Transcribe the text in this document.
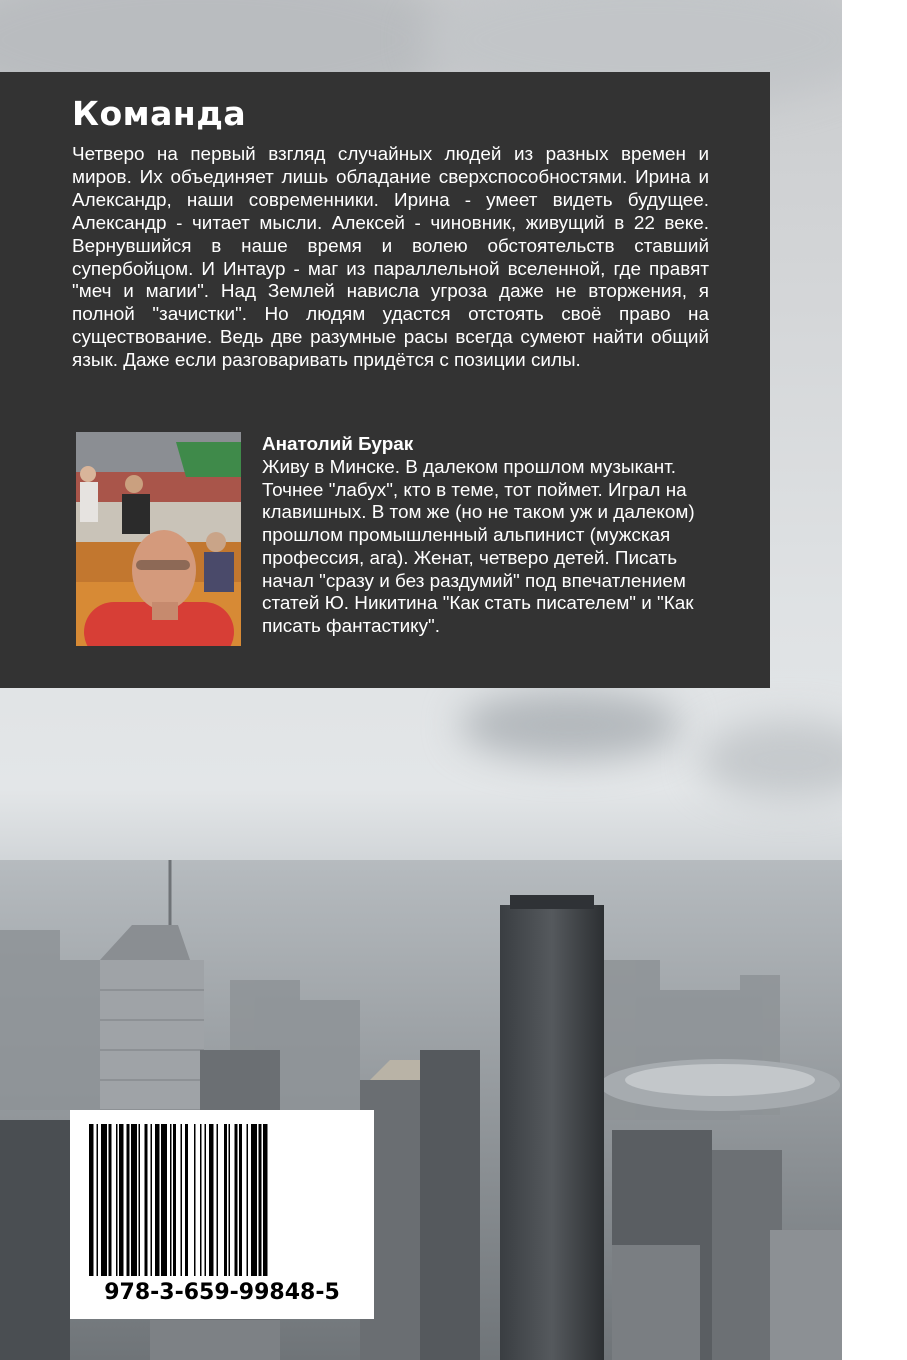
Команда

Четверо на первый взгляд случайных людей из разных времен и миров. Их объединяет лишь обладание сверхспособностями. Ирина и Александр, наши современники. Ирина - умеет видеть будущее. Александр - читает мысли. Алексей - чиновник, живущий в 22 веке. Вернувшийся в наше время и волею обстоятельств ставший супербойцом. И Интаур - маг из параллельной вселенной, где правят "меч и магии". Над Землей нависла угроза даже не вторжения, я полной "зачистки". Но людям удастся отстоять своё право на существование. Ведь две разумные расы всегда сумеют найти общий язык. Даже если разговаривать придётся с позиции силы.

Анатолий Бурак

Живу в Минске. В далеком прошлом музыкант. Точнее "лабух", кто в теме, тот поймет. Играл на клавишных. В том же (но не таком уж и далеком) прошлом промышленный альпинист (мужская профессия, ага). Женат, четверо детей. Писать начал "сразу и без раздумий" под впечатлением статей Ю. Никитина "Как стать писателем" и "Как писать фантастику".

978-3-659-99848-5
